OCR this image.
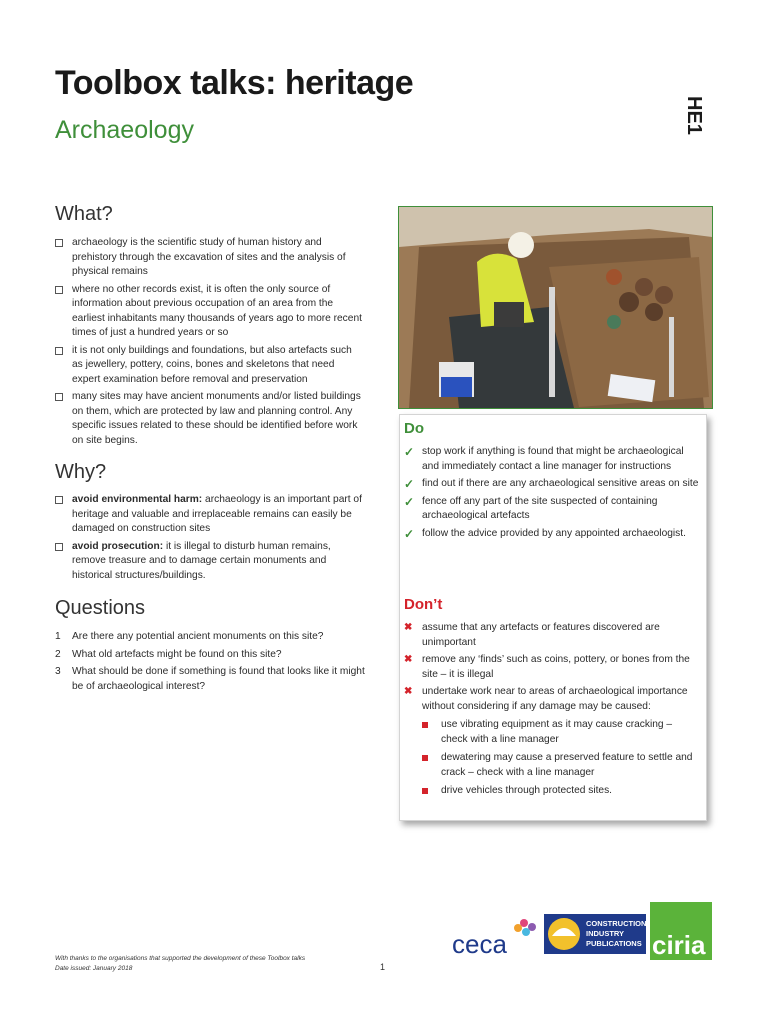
Toolbox talks: heritage
Archaeology	HE1
What?
archaeology is the scientific study of human history and prehistory through the excavation of sites and the analysis of physical remains
where no other records exist, it is often the only source of information about previous occupation of an area from the earliest inhabitants many thousands of years ago to more recent times of just a hundred years or so
it is not only buildings and foundations, but also artefacts such as jewellery, pottery, coins, bones and skeletons that need expert examination before removal and preservation
many sites may have ancient monuments and/or listed buildings on them, which are protected by law and planning control. Any specific issues related to these should be identified before work on site begins.
Why?
avoid environmental harm: archaeology is an important part of heritage and valuable and irreplaceable remains can easily be damaged on construction sites
avoid prosecution: it is illegal to disturb human remains, remove treasure and to damage certain monuments and historical structures/buildings.
Questions
1 Are there any potential ancient monuments on this site?
2 What old artefacts might be found on this site?
3 What should be done if something is found that looks like it might be of archaeological interest?
Do
✓ stop work if anything is found that might be archaeological and immediately contact a line manager for instructions
✓ find out if there are any archaeological sensitive areas on site
✓ fence off any part of the site suspected of containing archaeological artefacts
✓ follow the advice provided by any appointed archaeologist.
Don’t
✖ assume that any artefacts or features discovered are unimportant
✖ remove any ‘finds’ such as coins, pottery, or bones from the site – it is illegal
✖ undertake work near to areas of archaeological importance without considering if any damage may be caused:
use vibrating equipment as it may cause cracking – check with a line manager
dewatering may cause a preserved feature to settle and crack – check with a line manager
drive vehicles through protected sites.
With thanks to the organisations that supported the development of these Toolbox talks
Date issued: January 2018	1
ceca
CONSTRUCTION
INDUSTRY
PUBLICATIONS ciria
